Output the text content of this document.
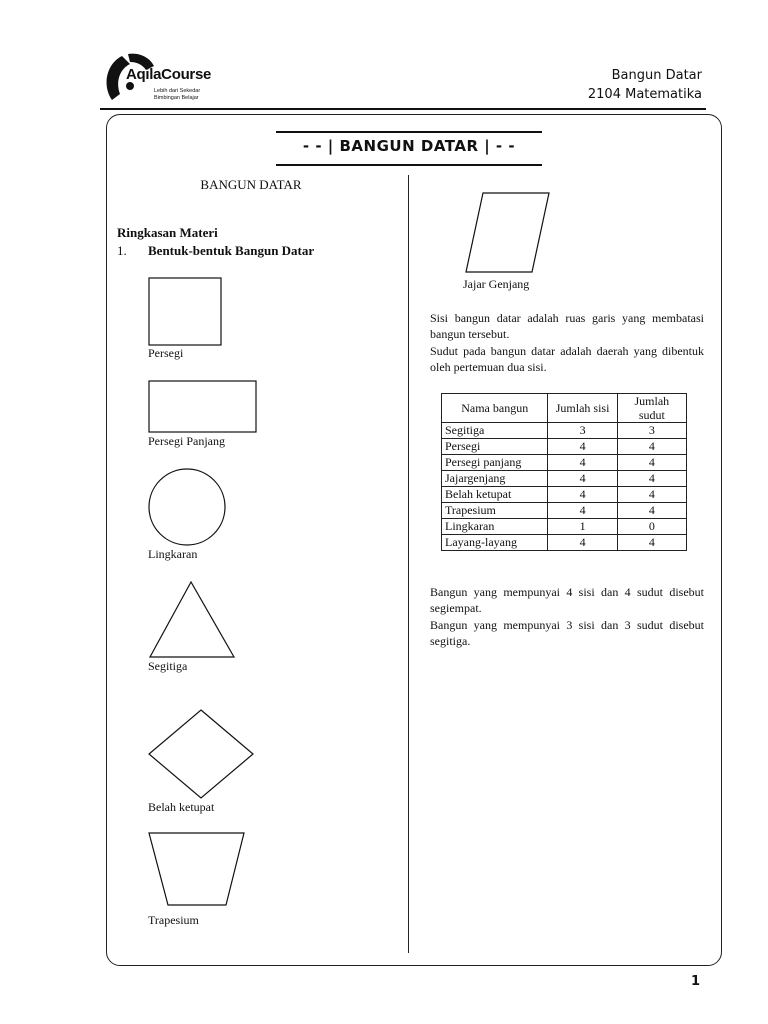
AqilaCourse
Lebih dari Sekedar
Bimbingan Belajar
Bangun Datar
2104 Matematika
- - | BANGUN DATAR | - -
BANGUN DATAR
Ringkasan Materi
1. Bentuk-bentuk Bangun Datar
Persegi
Persegi Panjang
Lingkaran
Segitiga
Belah ketupat
Trapesium
Jajar Genjang
Sisi bangun datar adalah ruas garis yang membatasi bangun tersebut.
Sudut pada bangun datar adalah daerah yang dibentuk oleh pertemuan dua sisi.
Nama bangun	Jumlah sisi	Jumlah sudut
Segitiga	3	3
Persegi	4	4
Persegi panjang	4	4
Jajargenjang	4	4
Belah ketupat	4	4
Trapesium	4	4
Lingkaran	1	0
Layang-layang	4	4
Bangun yang mempunyai 4 sisi dan 4 sudut disebut segiempat.
Bangun yang mempunyai 3 sisi dan 3 sudut disebut segitiga.
1
